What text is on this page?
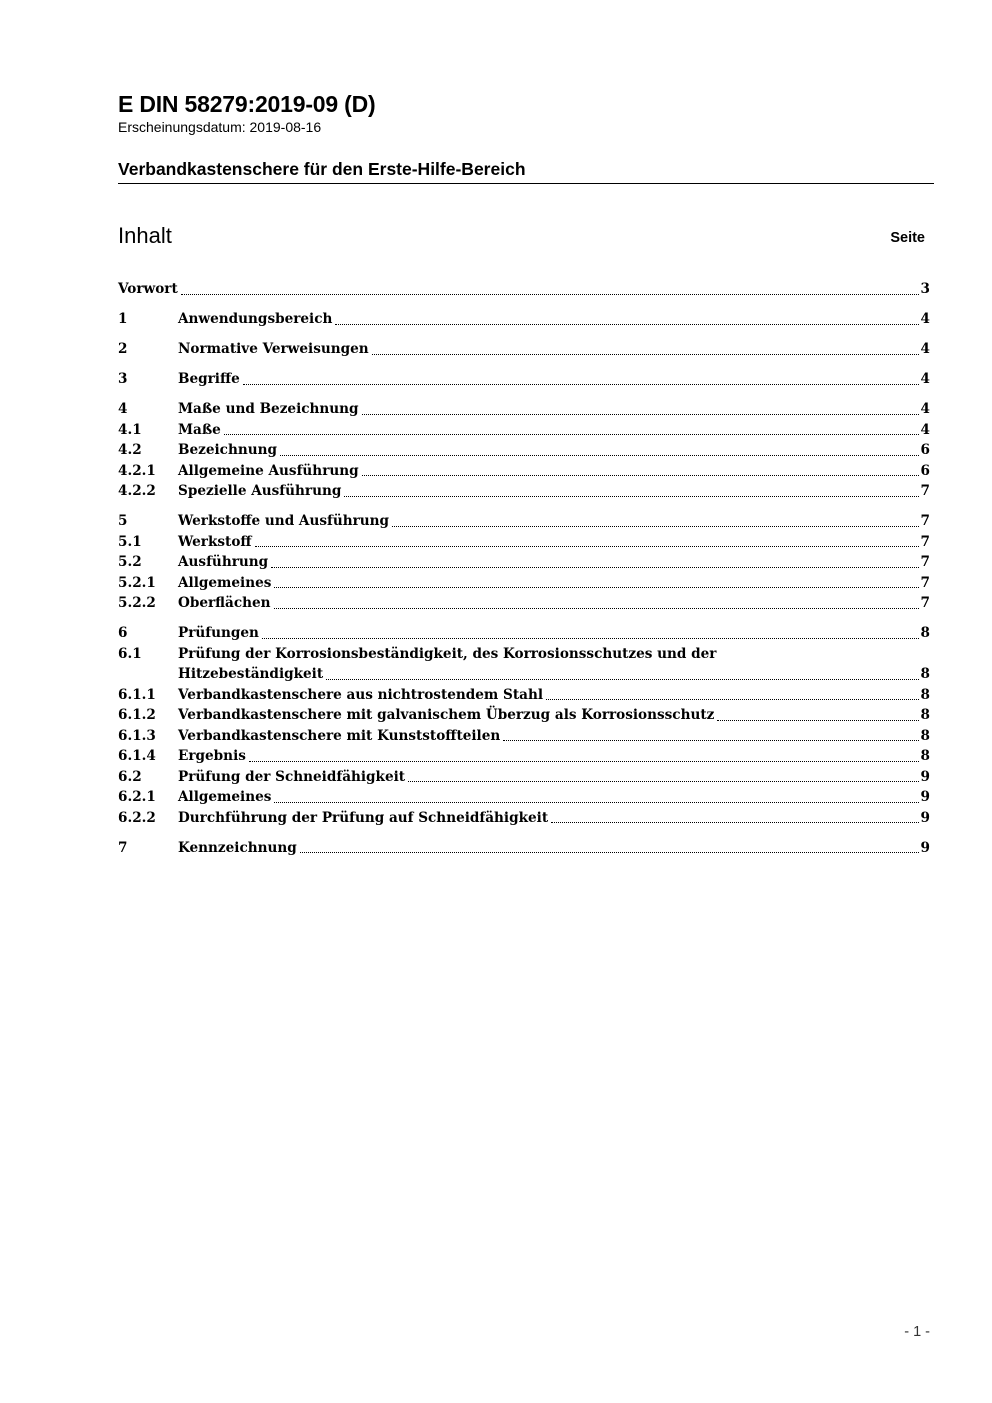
E DIN 58279:2019-09 (D)
Erscheinungsdatum: 2019-08-16
Verbandkastenschere für den Erste-Hilfe-Bereich
Inhalt	Seite
Vorwort	3
1	Anwendungsbereich	4
2	Normative Verweisungen	4
3	Begriffe	4
4	Maße und Bezeichnung	4
4.1	Maße	4
4.2	Bezeichnung	6
4.2.1	Allgemeine Ausführung	6
4.2.2	Spezielle Ausführung	7
5	Werkstoffe und Ausführung	7
5.1	Werkstoff	7
5.2	Ausführung	7
5.2.1	Allgemeines	7
5.2.2	Oberflächen	7
6	Prüfungen	8
6.1	Prüfung der Korrosionsbeständigkeit, des Korrosionsschutzes und der
Hitzebeständigkeit	8
6.1.1	Verbandkastenschere aus nichtrostendem Stahl	8
6.1.2	Verbandkastenschere mit galvanischem Überzug als Korrosionsschutz	8
6.1.3	Verbandkastenschere mit Kunststoffteilen	8
6.1.4	Ergebnis	8
6.2	Prüfung der Schneidfähigkeit	9
6.2.1	Allgemeines	9
6.2.2	Durchführung der Prüfung auf Schneidfähigkeit	9
7	Kennzeichnung	9
- 1 -
